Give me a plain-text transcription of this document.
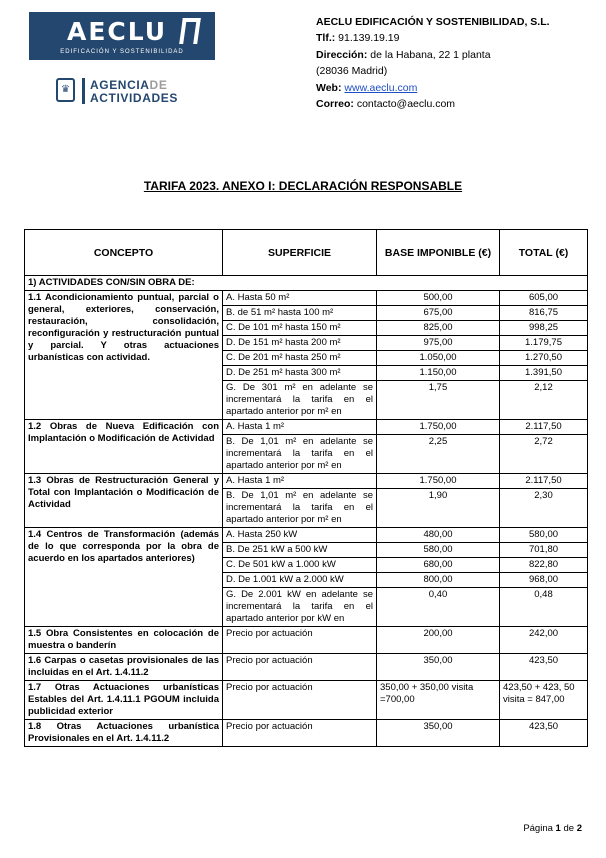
AECLU
EDIFICACIÓN Y SOSTENIBILIDAD
♛	AGENCIADE
ACTIVIDADES
AECLU EDIFICACIÓN Y SOSTENIBILIDAD, S.L.
Tlf.: 91.139.19.19
Dirección: de la Habana, 22 1 planta
(28036 Madrid)
Web: www.aeclu.com
Correo: contacto@aeclu.com
TARIFA 2023. ANEXO I: DECLARACIÓN RESPONSABLE
CONCEPTO	SUPERFICIE	BASE IMPONIBLE (€)	TOTAL (€)
1) ACTIVIDADES CON/SIN OBRA DE:			
1.1 Acondicionamiento puntual, parcial o general, exteriores, conservación, restauración, consolidación, reconfiguración y restructuración puntual y parcial. Y otras actuaciones urbanísticas con actividad.	A. Hasta 50 m²	500,00	605,00
	B. de 51 m² hasta 100 m²	675,00	816,75
	C. De 101 m² hasta 150 m²	825,00	998,25
	D. De 151 m² hasta 200 m²	975,00	1.179,75
	C. De 201 m² hasta 250 m²	1.050,00	1.270,50
	D. De 251 m² hasta 300 m²	1.150,00	1.391,50
	G. De 301 m² en adelante se incrementará la tarifa en el apartado anterior por m² en	1,75	2,12
1.2 Obras de Nueva Edificación con Implantación o Modificación de Actividad	A. Hasta 1 m²	1.750,00	2.117,50
	B. De 1,01 m² en adelante se incrementará la tarifa en el apartado anterior por m² en	2,25	2,72
1.3 Obras de Restructuración General y Total con Implantación o Modificación de Actividad	A. Hasta 1 m²	1.750,00	2.117,50
	B. De 1,01 m² en adelante se incrementará la tarifa en el apartado anterior por m² en	1,90	2,30
1.4 Centros de Transformación (además de lo que corresponda por la obra de acuerdo en los apartados anteriores)	A. Hasta 250 kW	480,00	580,00
	B. De 251 kW a 500 kW	580,00	701,80
	C. De 501 kW a 1.000 kW	680,00	822,80
	D. De 1.001 kW a 2.000 kW	800,00	968,00
	G. De 2.001 kW en adelante se incrementará la tarifa en el apartado anterior por kW en	0,40	0,48
1.5 Obra Consistentes en colocación de muestra o banderín	Precio por actuación	200,00	242,00
1.6 Carpas o casetas provisionales de las incluidas en el Art. 1.4.11.2	Precio por actuación	350,00	423,50
1.7 Otras Actuaciones urbanísticas Estables del Art. 1.4.11.1 PGOUM incluida publicidad exterior	Precio por actuación	350,00 + 350,00 visita =700,00	423,50 + 423, 50 visita = 847,00
1.8 Otras Actuaciones urbanística Provisionales en el Art. 1.4.11.2	Precio por actuación	350,00	423,50
Página 1 de 2
